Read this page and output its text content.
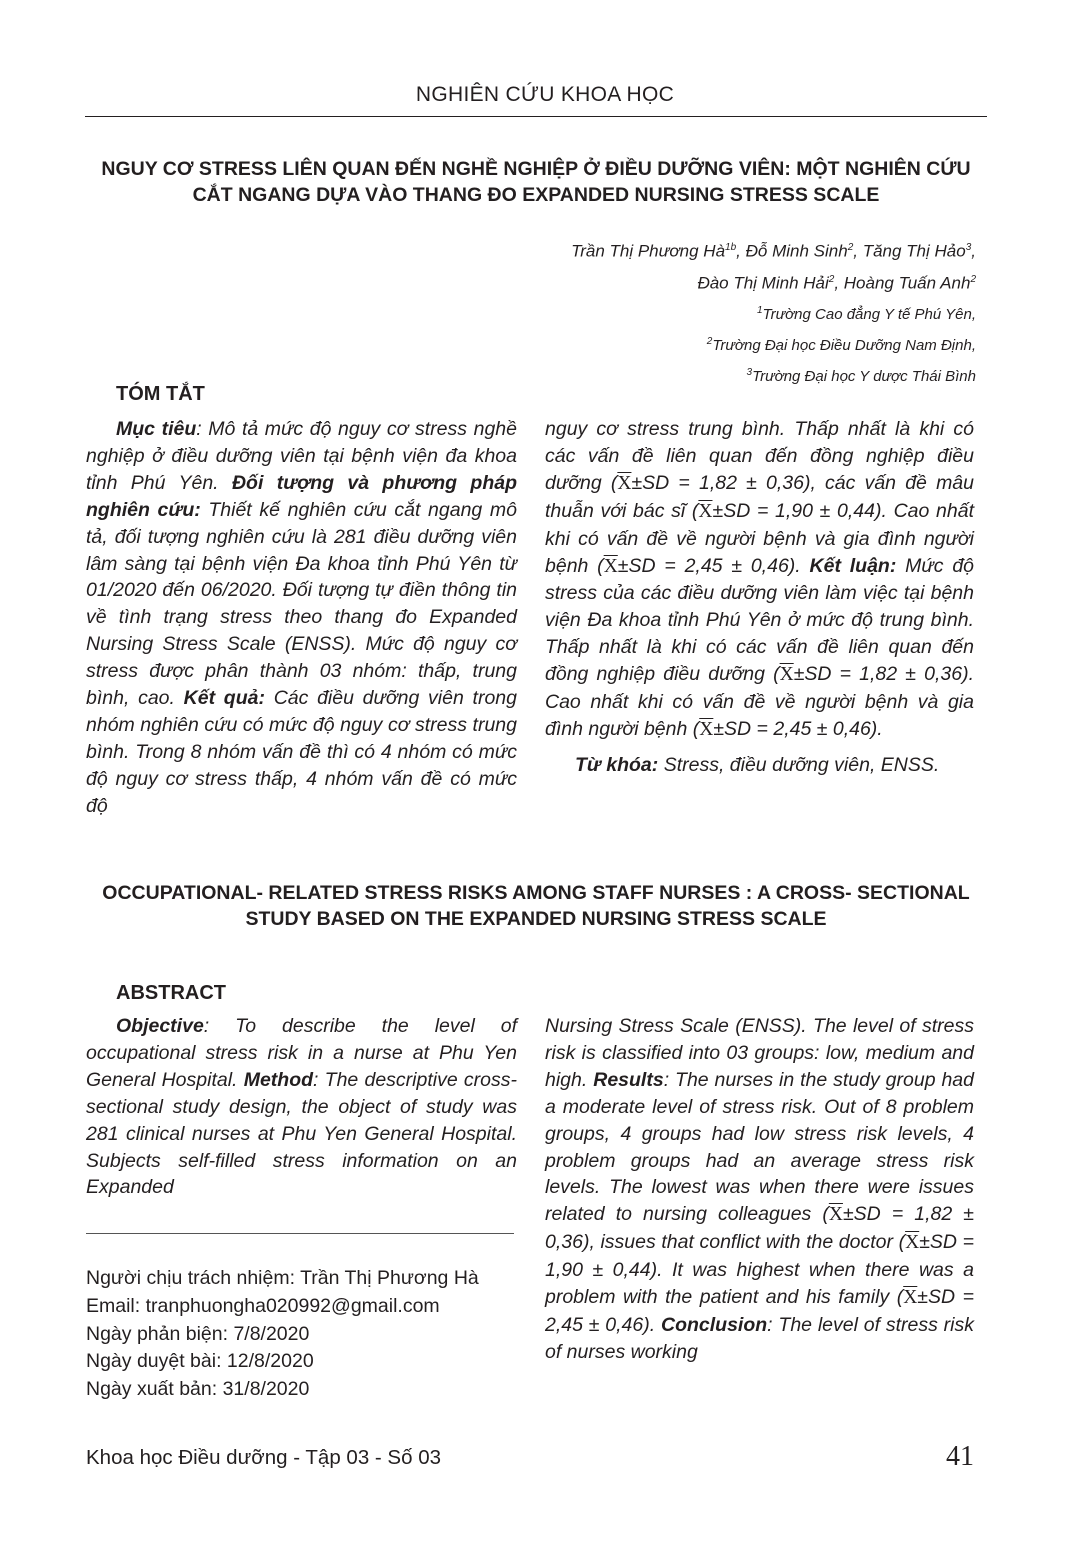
NGHIÊN CỨU KHOA HỌC
NGUY CƠ STRESS LIÊN QUAN ĐẾN NGHỀ NGHIỆP Ở ĐIỀU DƯỠNG VIÊN: MỘT NGHIÊN CỨU CẮT NGANG DỰA VÀO THANG ĐO EXPANDED NURSING STRESS SCALE
Trần Thị Phương $Hà^{1b}$, Đỗ Minh Sinh$^2$, Tăng Thị Hảo$^3$,
Đào Thị Minh Hải$^2$, Hoàng Tuấn Anh$^2$
$^1$Trường Cao đẳng Y tế Phú Yên,
$^2$Trường Đại học Điều Dưỡng Nam Định,
$^3$Trường Đại học Y dược Thái Bình
TÓM TẮT

Mục tiêu: Mô tả mức độ nguy cơ stress nghề nghiệp ở điều dưỡng viên tại bệnh viện đa khoa tỉnh Phú Yên. Đối tượng và phương pháp nghiên cứu: Thiết kế nghiên cứu cắt ngang mô tả, đối tượng nghiên cứu là 281 điều dưỡng viên lâm sàng tại bệnh viện Đa khoa tỉnh Phú Yên từ 01/2020 đến 06/2020. Đối tượng tự điền thông tin về tình trạng stress theo thang đo Expanded Nursing Stress Scale (ENSS). Mức độ nguy cơ stress được phân thành 03 nhóm: thấp, trung bình, cao. Kết quả: Các điều dưỡng viên trong nhóm nghiên cứu có mức độ nguy cơ stress trung bình. Trong 8 nhóm vấn đề thì có 4 nhóm có mức độ nguy cơ stress thấp, 4 nhóm vấn đề có mức độ

nguy cơ stress trung bình. Thấp nhất là khi có các vấn đề liên quan đến đồng nghiệp điều dưỡng $(\overline{X}\pm SD = 1,82 \pm 0,36)$, các vấn đề mâu thuẫn với bác sĩ $(\overline{X}\pm SD = 1,90 \pm 0,44)$. Cao nhất khi có vấn đề về người bệnh và gia đình người bệnh $(\overline{X}\pm SD = 2,45 \pm 0,46)$. Kết luận: Mức độ stress của các điều dưỡng viên làm việc tại bệnh viện Đa khoa tỉnh Phú Yên ở mức độ trung bình. Thấp nhất là khi có các vấn đề liên quan đến đồng nghiệp điều dưỡng $(\overline{X}\pm SD = 1,82 \pm 0,36)$. Cao nhất khi có vấn đề về người bệnh và gia đình người bệnh $(\overline{X}\pm SD = 2,45 \pm 0,46)$.

Từ khóa: Stress, điều dưỡng viên, ENSS.

OCCUPATIONAL- RELATED STRESS RISKS AMONG STAFF NURSES : A CROSS- SECTIONAL STUDY BASED ON THE EXPANDED NURSING STRESS SCALE
ABSTRACT

Objective: To describe the level of occupational stress risk in a nurse at Phu Yen General Hospital. Method: The descriptive cross-sectional study design, the object of study was 281 clinical nurses at Phu Yen General Hospital. Subjects self-filled stress information on an Expanded

Nursing Stress Scale (ENSS). The level of stress risk is classified into 03 groups: low, medium and high. Results: The nurses in the study group had a moderate level of stress risk. Out of 8 problem groups, 4 groups had low stress risk levels, 4 problem groups had an average stress risk levels. The lowest was when there were issues related to nursing colleagues $(\overline{X}\pm SD = 1,82 \pm 0,36)$, issues that conflict with the doctor $(\overline{X}\pm SD = 1,90 \pm 0,44)$. It was highest when there was a problem with the patient and his family $(\overline{X}\pm SD = 2,45 \pm 0,46)$. Conclusion: The level of stress risk of nurses working

Người chịu trách nhiệm: Trần Thị Phương Hà
Email: tranphuongha020992@gmail.com
Ngày phản biện: 7/8/2020
Ngày duyệt bài: 12/8/2020
Ngày xuất bản: 31/8/2020
Khoa học Điều dưỡng - Tập 03 - Số 03	41
